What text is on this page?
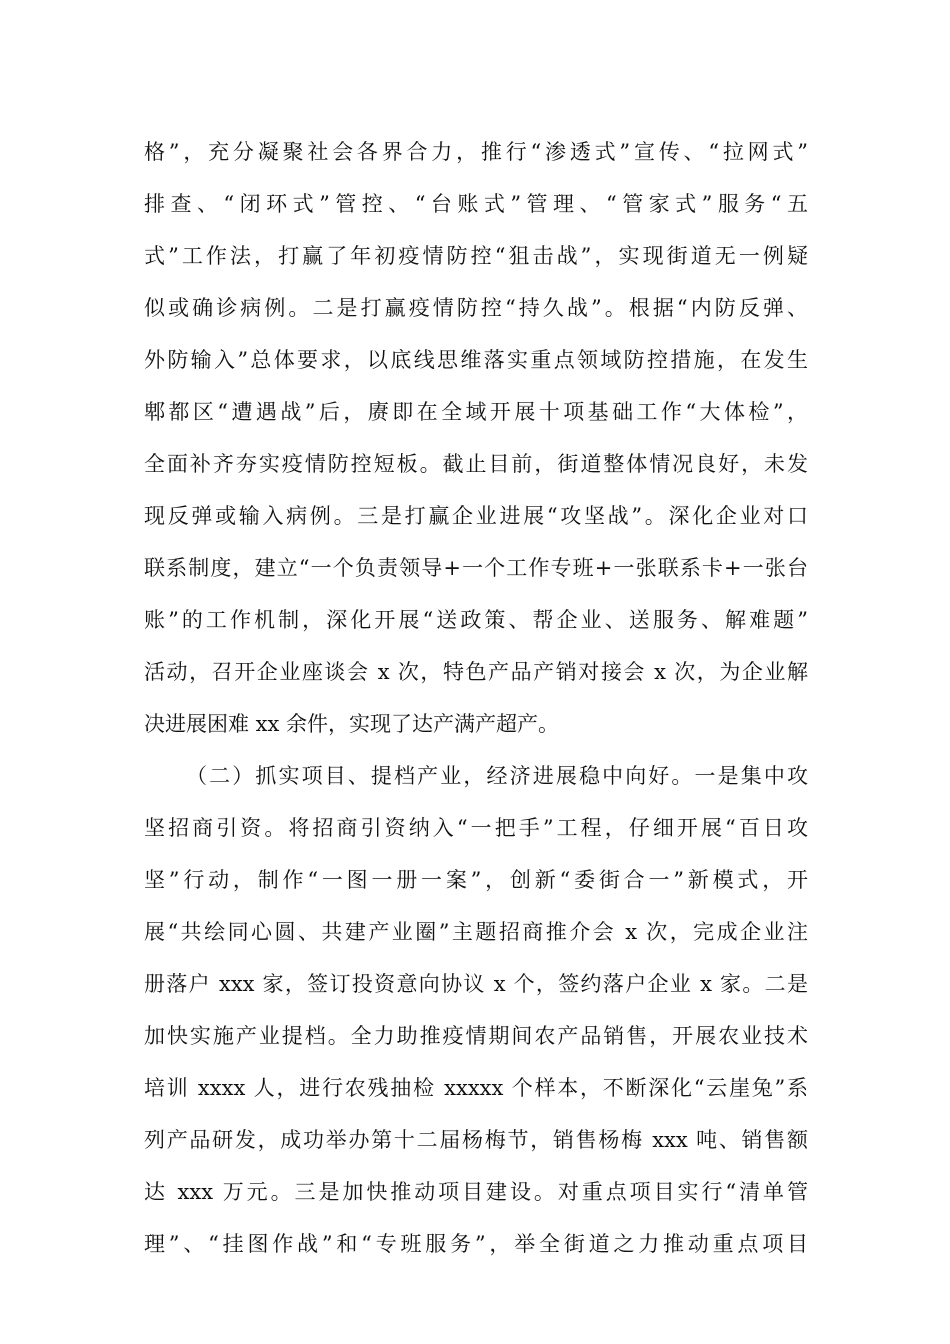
格”，充分凝聚社会各界合力，推行“渗透式”宣传、“拉网式”
排查、“闭环式”管控、“台账式”管理、“管家式”服务“五
式”工作法，打赢了年初疫情防控“狙击战”，实现街道无一例疑
似或确诊病例。二是打赢疫情防控“持久战”。根据“内防反弹、
外防输入”总体要求，以底线思维落实重点领域防控措施，在发生
郫都区“遭遇战”后，赓即在全域开展十项基础工作“大体检”，
全面补齐夯实疫情防控短板。截止目前，街道整体情况良好，未发
现反弹或输入病例。三是打赢企业进展“攻坚战”。深化企业对口
联系制度，建立“一个负责领导+一个工作专班+一张联系卡+一张台
账”的工作机制，深化开展“送政策、帮企业、送服务、解难题”
活动，召开企业座谈会 x 次，特色产品产销对接会 x 次，为企业解
决进展困难 xx 余件，实现了达产满产超产。
（二）抓实项目、提档产业，经济进展稳中向好。一是集中攻
坚招商引资。将招商引资纳入“一把手”工程，仔细开展“百日攻
坚”行动，制作“一图一册一案”，创新“委街合一”新模式，开
展“共绘同心圆、共建产业圈”主题招商推介会 x 次，完成企业注
册落户 xxx 家，签订投资意向协议 x 个，签约落户企业 x 家。二是
加快实施产业提档。全力助推疫情期间农产品销售，开展农业技术
培训 xxxx 人，进行农残抽检 xxxxx 个样本，不断深化“云崖兔”系
列产品研发，成功举办第十二届杨梅节，销售杨梅 xxx 吨、销售额
达 xxx 万元。三是加快推动项目建设。对重点项目实行“清单管
理”、“挂图作战”和“专班服务”，举全街道之力推动重点项目
